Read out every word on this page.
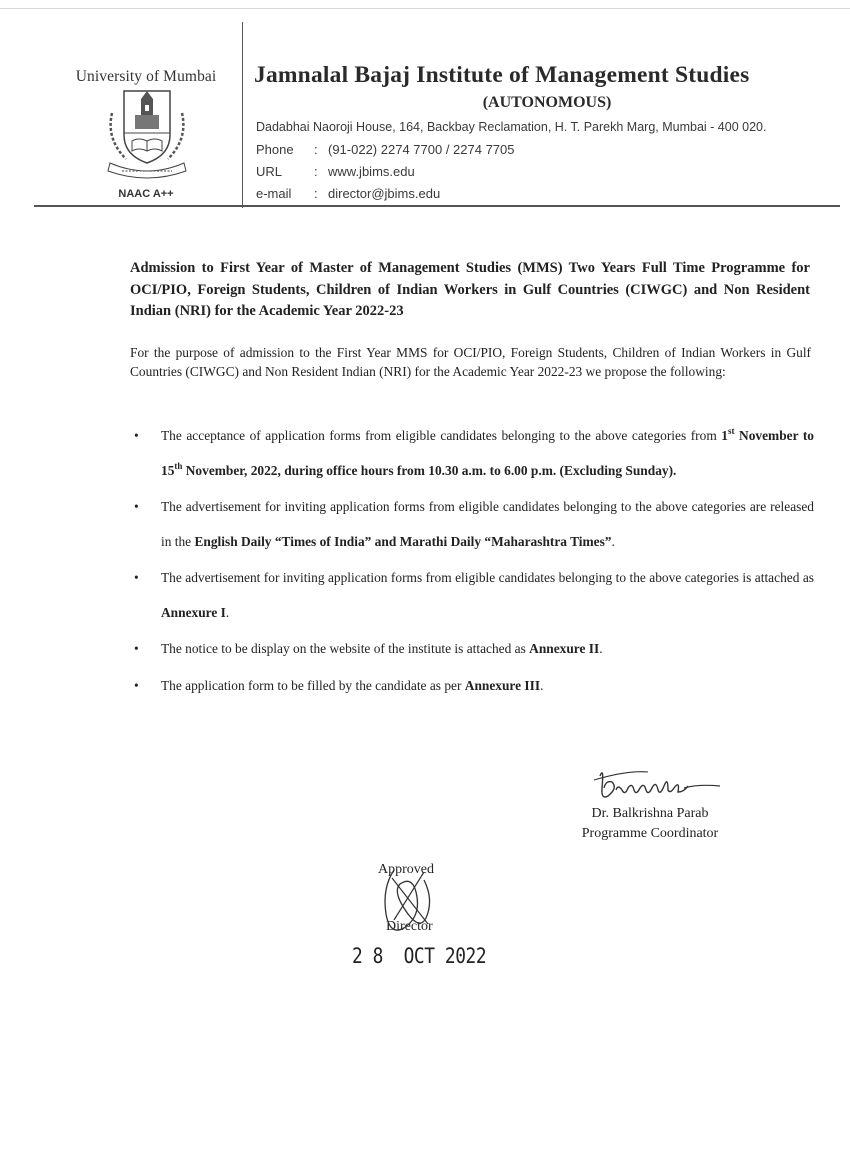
University of Mumbai
NAAC A++
Jamnalal Bajaj Institute of Management Studies
(AUTONOMOUS)
Dadabhai Naoroji House, 164, Backbay Reclamation, H. T. Parekh Marg, Mumbai - 400 020.
Phone : (91-022) 2274 7700 / 2274 7705
URL : www.jbims.edu
e-mail : director@jbims.edu
Admission to First Year of Master of Management Studies (MMS) Two Years Full Time Programme for OCI/PIO, Foreign Students, Children of Indian Workers in Gulf Countries (CIWGC) and Non Resident Indian (NRI) for the Academic Year 2022-23
For the purpose of admission to the First Year MMS for OCI/PIO, Foreign Students, Children of Indian Workers in Gulf Countries (CIWGC) and Non Resident Indian (NRI) for the Academic Year 2022-23 we propose the following:
• The acceptance of application forms from eligible candidates belonging to the above categories from 1st November to 15th November, 2022, during office hours from 10.30 a.m. to 6.00 p.m. (Excluding Sunday).
• The advertisement for inviting application forms from eligible candidates belonging to the above categories are released in the English Daily “Times of India” and Marathi Daily “Maharashtra Times”.
• The advertisement for inviting application forms from eligible candidates belonging to the above categories is attached as Annexure I.
• The notice to be display on the website of the institute is attached as Annexure II.
• The application form to be filled by the candidate as per Annexure III.
Dr. Balkrishna Parab
Programme Coordinator
Approved
Director
2 8  OCT 2022
